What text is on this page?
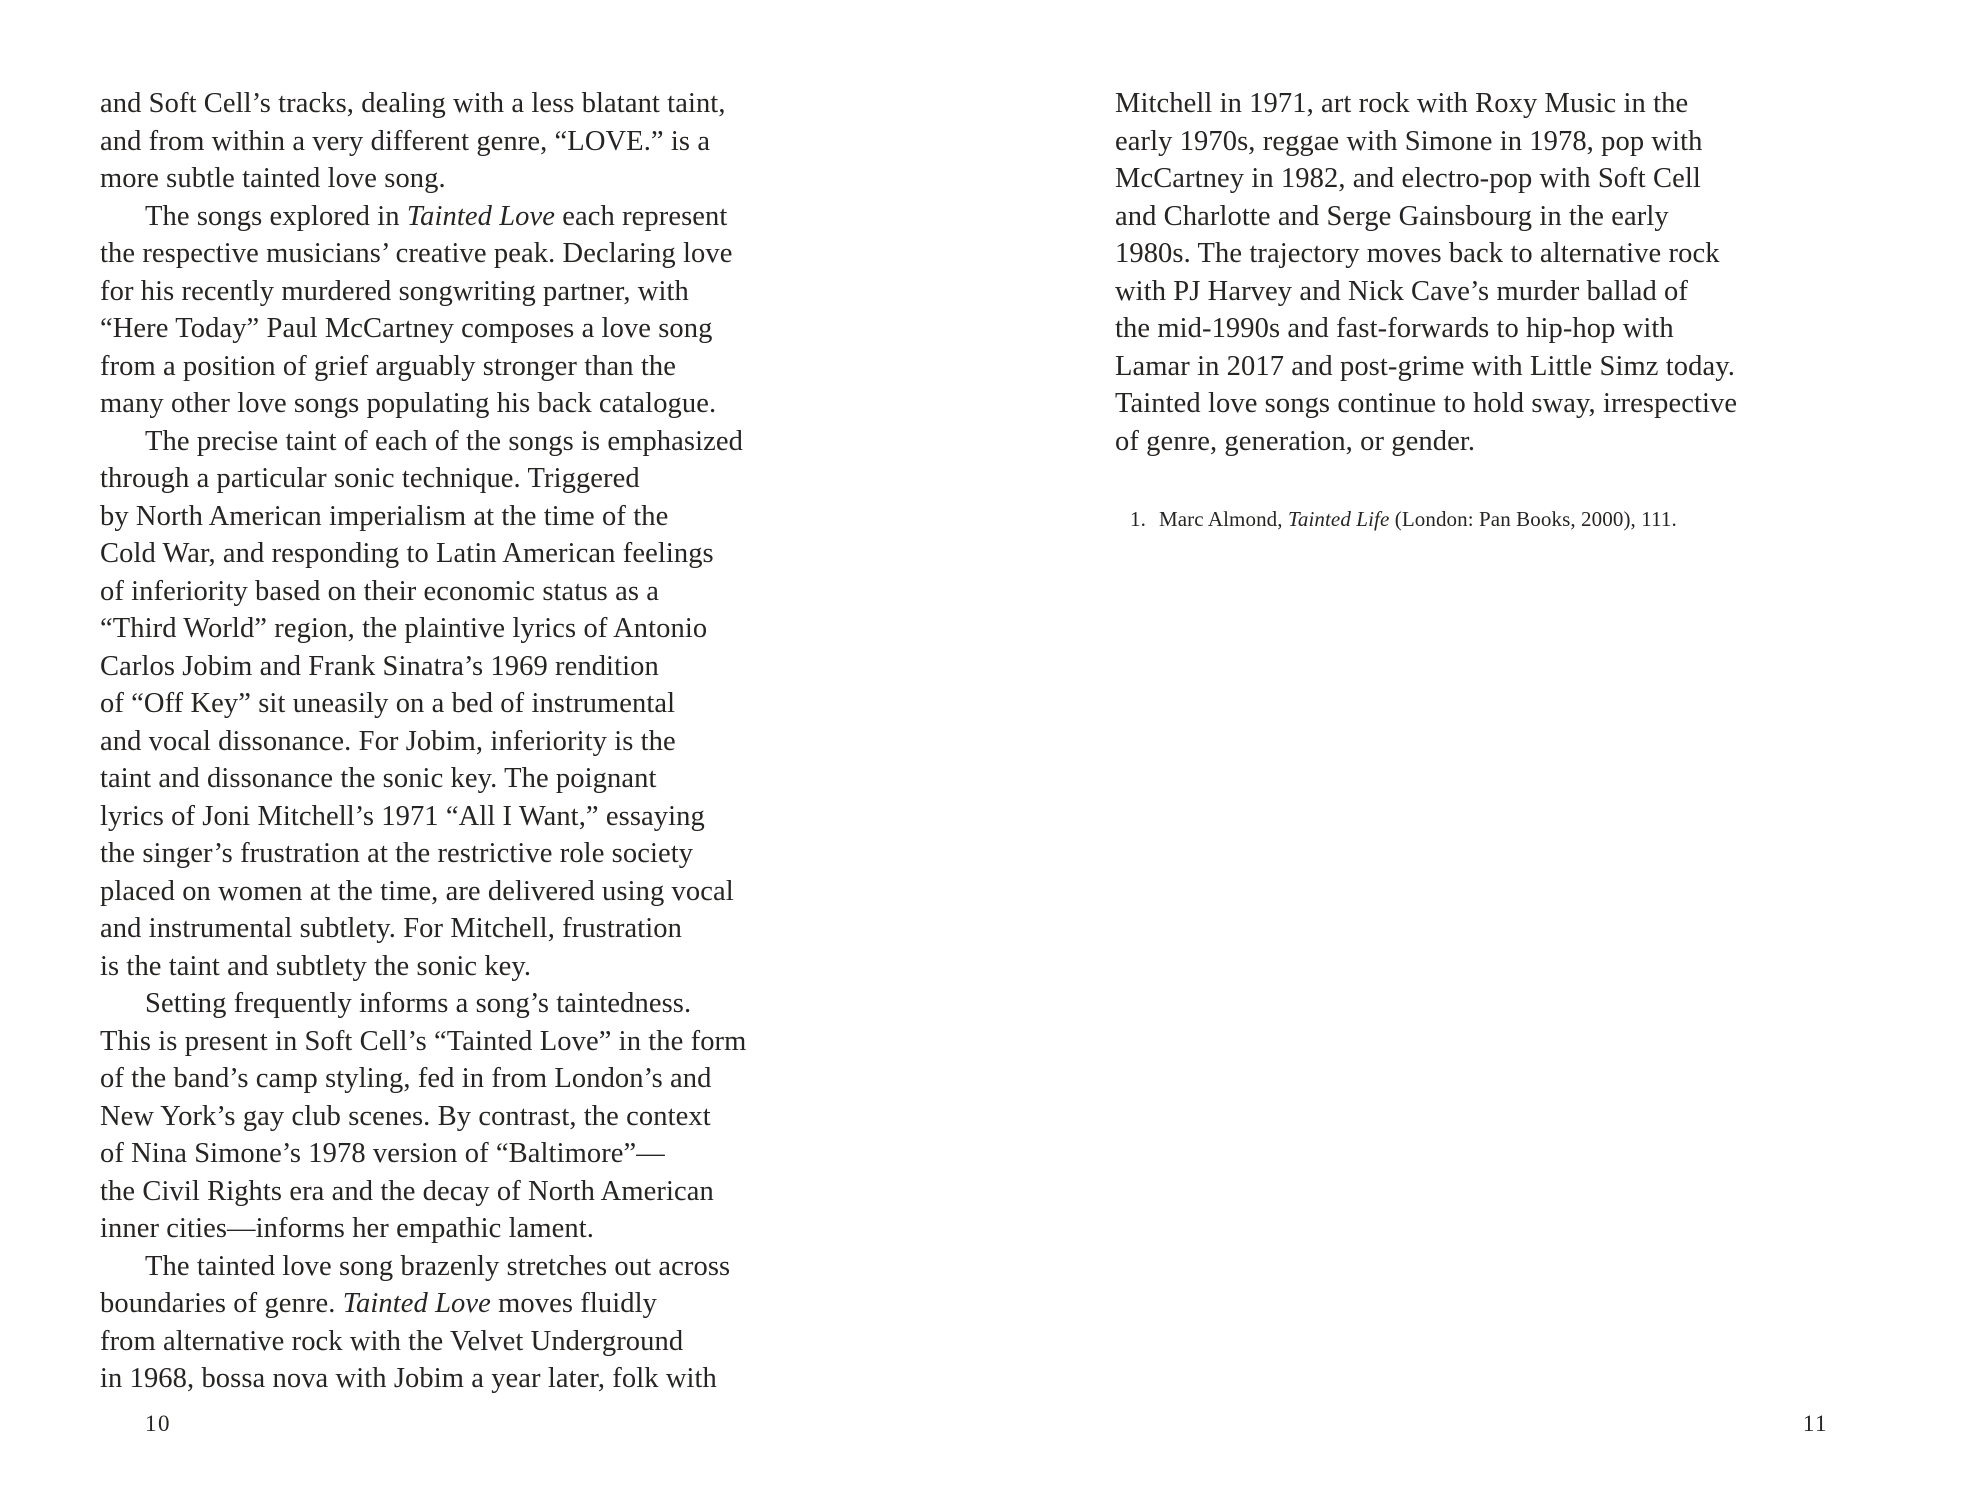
and Soft Cell’s tracks, dealing with a less blatant taint,
and from within a very different genre, “LOVE.” is a
more subtle tainted love song.
The songs explored in Tainted Love each represent
the respective musicians’ creative peak. Declaring love
for his recently murdered songwriting partner, with
“Here Today” Paul McCartney composes a love song
from a position of grief arguably stronger than the
many other love songs populating his back catalogue.
The precise taint of each of the songs is emphasized
through a particular sonic technique. Triggered
by North American imperialism at the time of the
Cold War, and responding to Latin American feelings
of inferiority based on their economic status as a
“Third World” region, the plaintive lyrics of Antonio
Carlos Jobim and Frank Sinatra’s 1969 rendition
of “Off Key” sit uneasily on a bed of instrumental
and vocal dissonance. For Jobim, inferiority is the
taint and dissonance the sonic key. The poignant
lyrics of Joni Mitchell’s 1971 “All I Want,” essaying
the singer’s frustration at the restrictive role society
placed on women at the time, are delivered using vocal
and instrumental subtlety. For Mitchell, frustration
is the taint and subtlety the sonic key.
Setting frequently informs a song’s taintedness.
This is present in Soft Cell’s “Tainted Love” in the form
of the band’s camp styling, fed in from London’s and
New York’s gay club scenes. By contrast, the context
of Nina Simone’s 1978 version of “Baltimore”—
the Civil Rights era and the decay of North American
inner cities—informs her empathic lament.
The tainted love song brazenly stretches out across
boundaries of genre. Tainted Love moves fluidly
from alternative rock with the Velvet Underground
in 1968, bossa nova with Jobim a year later, folk with
Mitchell in 1971, art rock with Roxy Music in the
early 1970s, reggae with Simone in 1978, pop with
McCartney in 1982, and electro-pop with Soft Cell
and Charlotte and Serge Gainsbourg in the early
1980s. The trajectory moves back to alternative rock
with PJ Harvey and Nick Cave’s murder ballad of
the mid-1990s and fast-forwards to hip-hop with
Lamar in 2017 and post-grime with Little Simz today.
Tainted love songs continue to hold sway, irrespective
of genre, generation, or gender.
1. Marc Almond, Tainted Life (London: Pan Books, 2000), 111.
10	11
